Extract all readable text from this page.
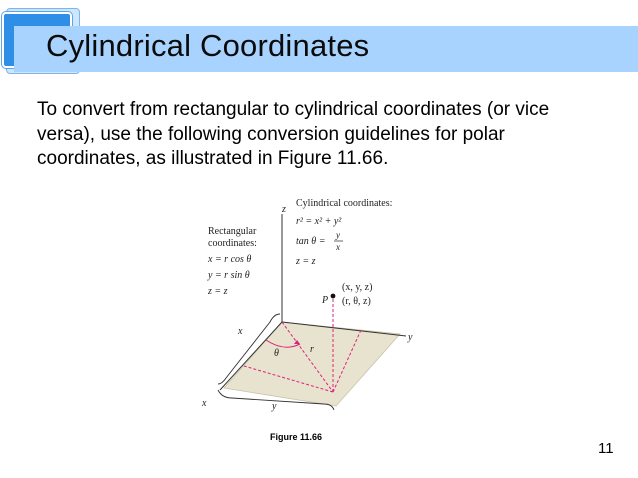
Cylindrical Coordinates
To convert from rectangular to cylindrical coordinates (or vice versa), use the following conversion guidelines for polar coordinates, as illustrated in Figure 11.66.
Cylindrical coordinates:
r² = x² + y²
tan θ =
y
x
z = z
Rectangular
coordinates:
x = r cos θ
y = r sin θ
z = z
P
(x, y, z)
(r, θ, z)
z
y
x
r
θ
x
y
Figure 11.66
11
